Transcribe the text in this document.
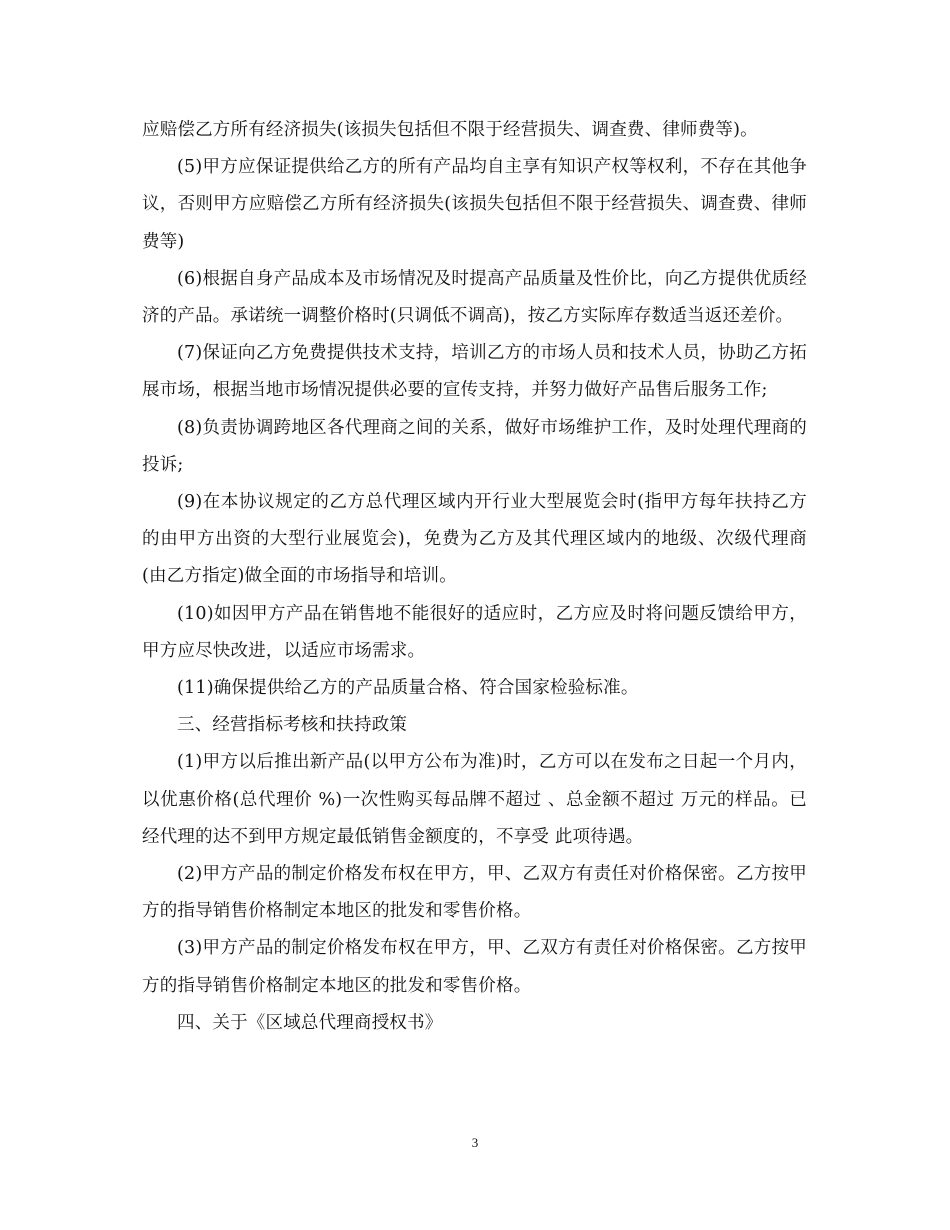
应赔偿乙方所有经济损失(该损失包括但不限于经营损失、调查费、律师费等)。

(5)甲方应保证提供给乙方的所有产品均自主享有知识产权等权利，不存在其他争议，否则甲方应赔偿乙方所有经济损失(该损失包括但不限于经营损失、调查费、律师费等)

(6)根据自身产品成本及市场情况及时提高产品质量及性价比，向乙方提供优质经济的产品。承诺统一调整价格时(只调低不调高)，按乙方实际库存数适当返还差价。

(7)保证向乙方免费提供技术支持，培训乙方的市场人员和技术人员，协助乙方拓展市场，根据当地市场情况提供必要的宣传支持，并努力做好产品售后服务工作;

(8)负责协调跨地区各代理商之间的关系，做好市场维护工作，及时处理代理商的投诉;

(9)在本协议规定的乙方总代理区域内开行业大型展览会时(指甲方每年扶持乙方的由甲方出资的大型行业展览会)，免费为乙方及其代理区域内的地级、次级代理商(由乙方指定)做全面的市场指导和培训。

(10)如因甲方产品在销售地不能很好的适应时，乙方应及时将问题反馈给甲方，甲方应尽快改进，以适应市场需求。

(11)确保提供给乙方的产品质量合格、符合国家检验标准。

三、经营指标考核和扶持政策

(1)甲方以后推出新产品(以甲方公布为准)时，乙方可以在发布之日起一个月内，以优惠价格(总代理价 %)一次性购买每品牌不超过 、总金额不超过 万元的样品。已经代理的达不到甲方规定最低销售金额度的，不享受 此项待遇。

(2)甲方产品的制定价格发布权在甲方，甲、乙双方有责任对价格保密。乙方按甲方的指导销售价格制定本地区的批发和零售价格。

(3)甲方产品的制定价格发布权在甲方，甲、乙双方有责任对价格保密。乙方按甲方的指导销售价格制定本地区的批发和零售价格。

四、关于《区域总代理商授权书》

3
